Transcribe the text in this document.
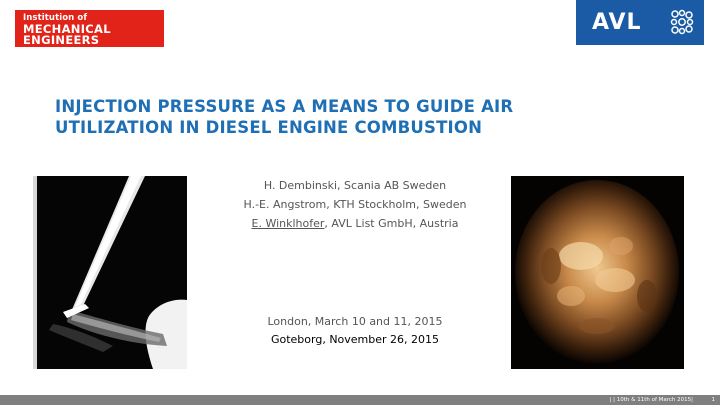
Institution of
MECHANICAL
ENGINEERS
AVL
INJECTION PRESSURE AS A MEANS TO GUIDE AIR UTILIZATION IN DIESEL ENGINE COMBUSTION
H. Dembinski, Scania AB Sweden
H.-E. Angstrom, KTH Stockholm, Sweden
E. Winklhofer, AVL List GmbH, Austria
London, March 10 and 11, 2015
Goteborg, November 26, 2015
| | 10th & 11th of March 2015|	1
